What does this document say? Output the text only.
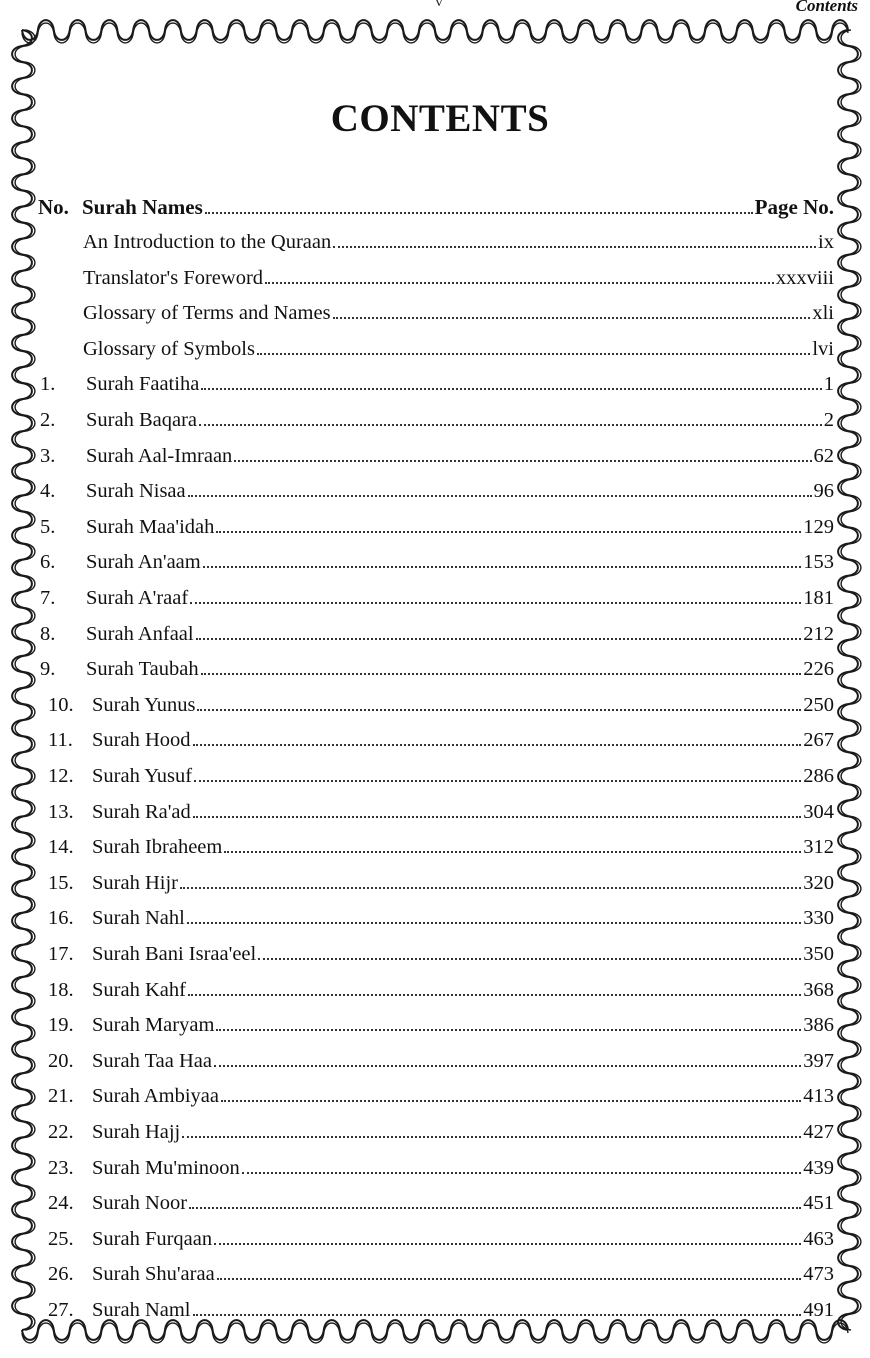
v	Contents
CONTENTS
No. Surah Names	Page No.
An Introduction to the Quraan	ix
Translator's Foreword	xxxviii
Glossary of Terms and Names	xli
Glossary of Symbols	lvi
1.	Surah Faatiha	1
2.	Surah Baqara	2
3.	Surah Aal-Imraan	62
4.	Surah Nisaa	96
5.	Surah Maa'idah	129
6.	Surah An'aam	153
7.	Surah A'raaf	181
8.	Surah Anfaal	212
9.	Surah Taubah	226
10. Surah Yunus	250
11. Surah Hood	267
12. Surah Yusuf	286
13. Surah Ra'ad	304
14. Surah Ibraheem	312
15. Surah Hijr	320
16. Surah Nahl	330
17. Surah Bani Israa'eel	350
18. Surah Kahf	368
19. Surah Maryam	386
20. Surah Taa Haa	397
21. Surah Ambiyaa	413
22. Surah Hajj	427
23. Surah Mu'minoon	439
24. Surah Noor	451
25. Surah Furqaan	463
26. Surah Shu'araa	473
27. Surah Naml	491
